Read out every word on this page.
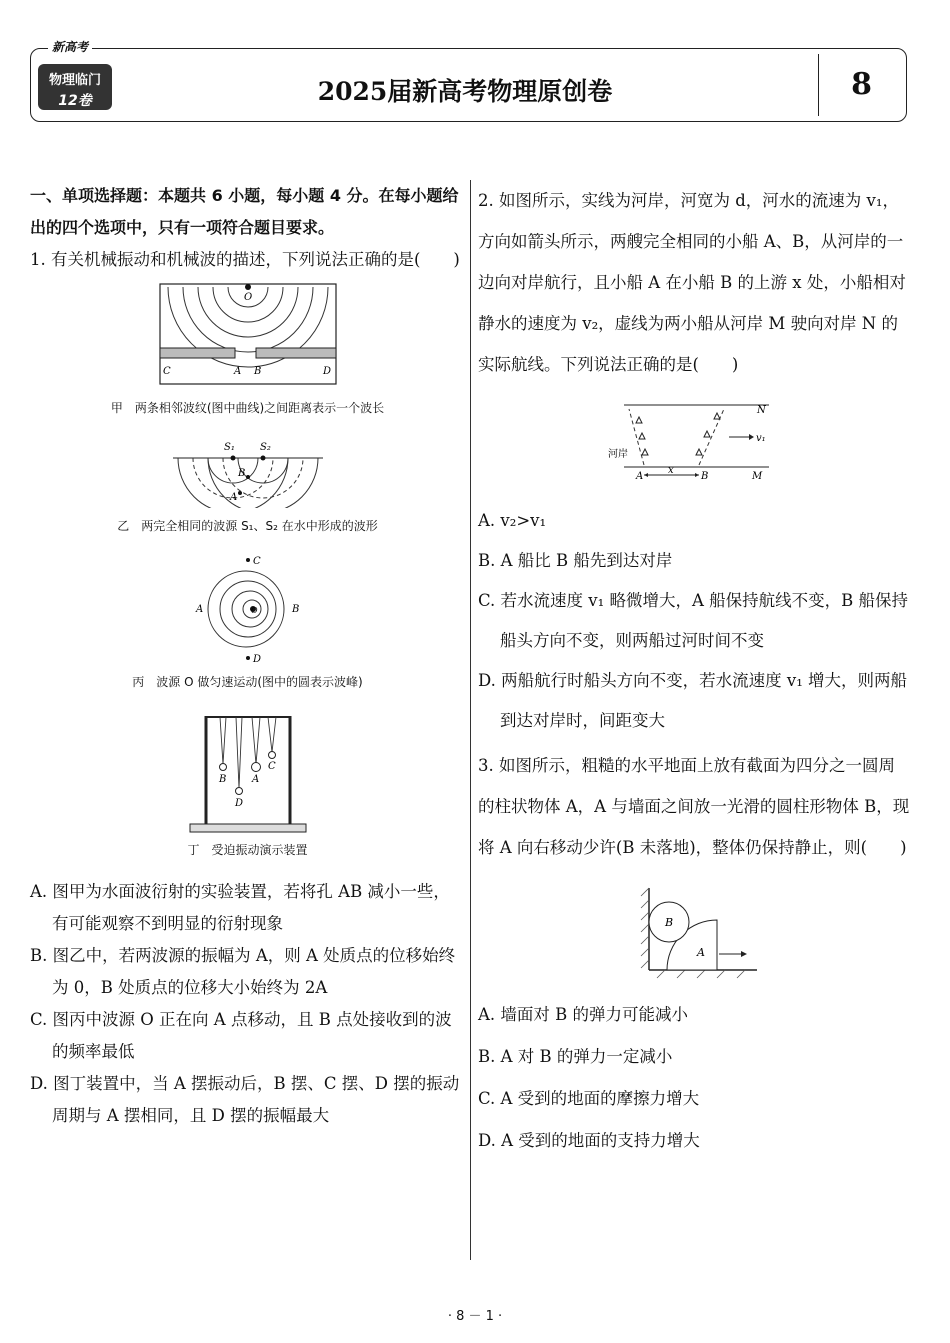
新高考
物理临门
12卷	2025届新高考物理原创卷	8

一、单项选择题：本题共 6 小题，每小题 4 分。在每小题给出的四个选项中，只有一项符合题目要求。

1. 有关机械振动和机械波的描述，下列说法正确的是(　　)

O
C	A B	D
甲　两条相邻波纹(图中曲线)之间距离表示一个波长
S₁	S₂
B
A
乙　两完全相同的波源 S₁、S₂ 在水中形成的波形
C
A	O	B
D
丙　波源 O 做匀速运动(图中的圆表示波峰)
B
D
A
C
丁　受迫振动演示装置

A. 图甲为水面波衍射的实验装置，若将孔 AB 减小一些，有可能观察不到明显的衍射现象

B. 图乙中，若两波源的振幅为 A，则 A 处质点的位移始终为 0，B 处质点的位移大小始终为 2A

C. 图丙中波源 O 正在向 A 点移动，且 B 点处接收到的波的频率最低

D. 图丁装置中，当 A 摆振动后，B 摆、C 摆、D 摆的振动周期与 A 摆相同，且 D 摆的振幅最大

2. 如图所示，实线为河岸，河宽为 d，河水的流速为 v₁，方向如箭头所示，两艘完全相同的小船 A、B，从河岸的一边向对岸航行，且小船 A 在小船 B 的上游 x 处，小船相对静水的速度为 v₂，虚线为两小船从河岸 M 驶向对岸 N 的实际航线。下列说法正确的是(　　)

N
v₁
河岸
A
x
B	M

A. v₂>v₁

B. A 船比 B 船先到达对岸

C. 若水流速度 v₁ 略微增大，A 船保持航线不变，B 船保持船头方向不变，则两船过河时间不变

D. 两船航行时船头方向不变，若水流速度 v₁ 增大，则两船到达对岸时，间距变大

3. 如图所示，粗糙的水平地面上放有截面为四分之一圆周的柱状物体 A，A 与墙面之间放一光滑的圆柱形物体 B，现将 A 向右移动少许(B 未落地)，整体仍保持静止，则(　　)

B
A

A. 墙面对 B 的弹力可能减小

B. A 对 B 的弹力一定减小

C. A 受到的地面的摩擦力增大

D. A 受到的地面的支持力增大

· 8 － 1 ·
